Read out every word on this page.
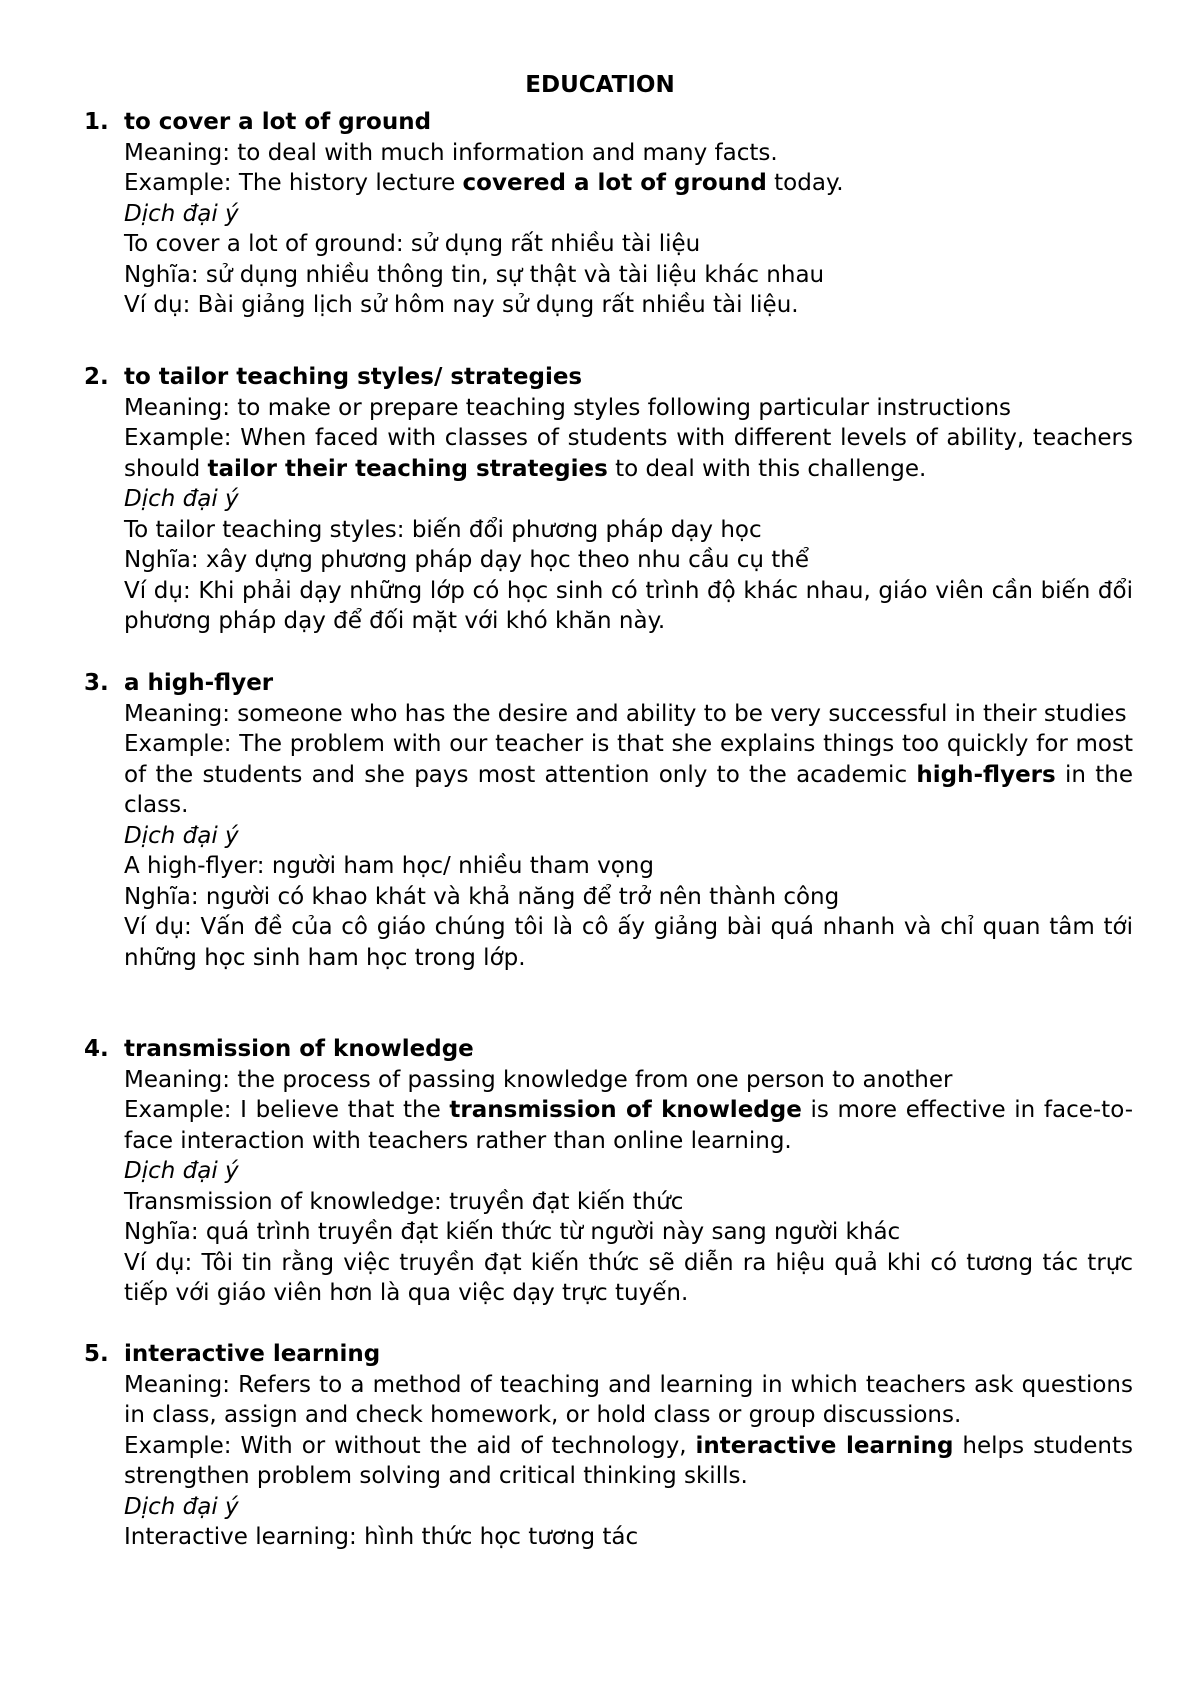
EDUCATION
1. to cover a lot of ground
Meaning: to deal with much information and many facts.
Example: The history lecture covered a lot of ground today.
Dịch đại ý
To cover a lot of ground: sử dụng rất nhiều tài liệu
Nghĩa: sử dụng nhiều thông tin, sự thật và tài liệu khác nhau
Ví dụ: Bài giảng lịch sử hôm nay sử dụng rất nhiều tài liệu.
2. to tailor teaching styles/ strategies
Meaning: to make or prepare teaching styles following particular instructions
Example: When faced with classes of students with different levels of ability, teachers should tailor their teaching strategies to deal with this challenge.
Dịch đại ý
To tailor teaching styles: biến đổi phương pháp dạy học
Nghĩa: xây dựng phương pháp dạy học theo nhu cầu cụ thể
Ví dụ: Khi phải dạy những lớp có học sinh có trình độ khác nhau, giáo viên cần biến đổi phương pháp dạy để đối mặt với khó khăn này.
3. a high-flyer
Meaning: someone who has the desire and ability to be very successful in their studies
Example: The problem with our teacher is that she explains things too quickly for most of the students and she pays most attention only to the academic high-flyers in the class.
Dịch đại ý
A high-flyer: người ham học/ nhiều tham vọng
Nghĩa: người có khao khát và khả năng để trở nên thành công
Ví dụ: Vấn đề của cô giáo chúng tôi là cô ấy giảng bài quá nhanh và chỉ quan tâm tới những học sinh ham học trong lớp.
4. transmission of knowledge
Meaning: the process of passing knowledge from one person to another
Example: I believe that the transmission of knowledge is more effective in face-to-face interaction with teachers rather than online learning.
Dịch đại ý
Transmission of knowledge: truyền đạt kiến thức
Nghĩa: quá trình truyền đạt kiến thức từ người này sang người khác
Ví dụ: Tôi tin rằng việc truyền đạt kiến thức sẽ diễn ra hiệu quả khi có tương tác trực tiếp với giáo viên hơn là qua việc dạy trực tuyến.
5. interactive learning
Meaning: Refers to a method of teaching and learning in which teachers ask questions in class, assign and check homework, or hold class or group discussions.
Example: With or without the aid of technology, interactive learning helps students strengthen problem solving and critical thinking skills.
Dịch đại ý
Interactive learning: hình thức học tương tác
